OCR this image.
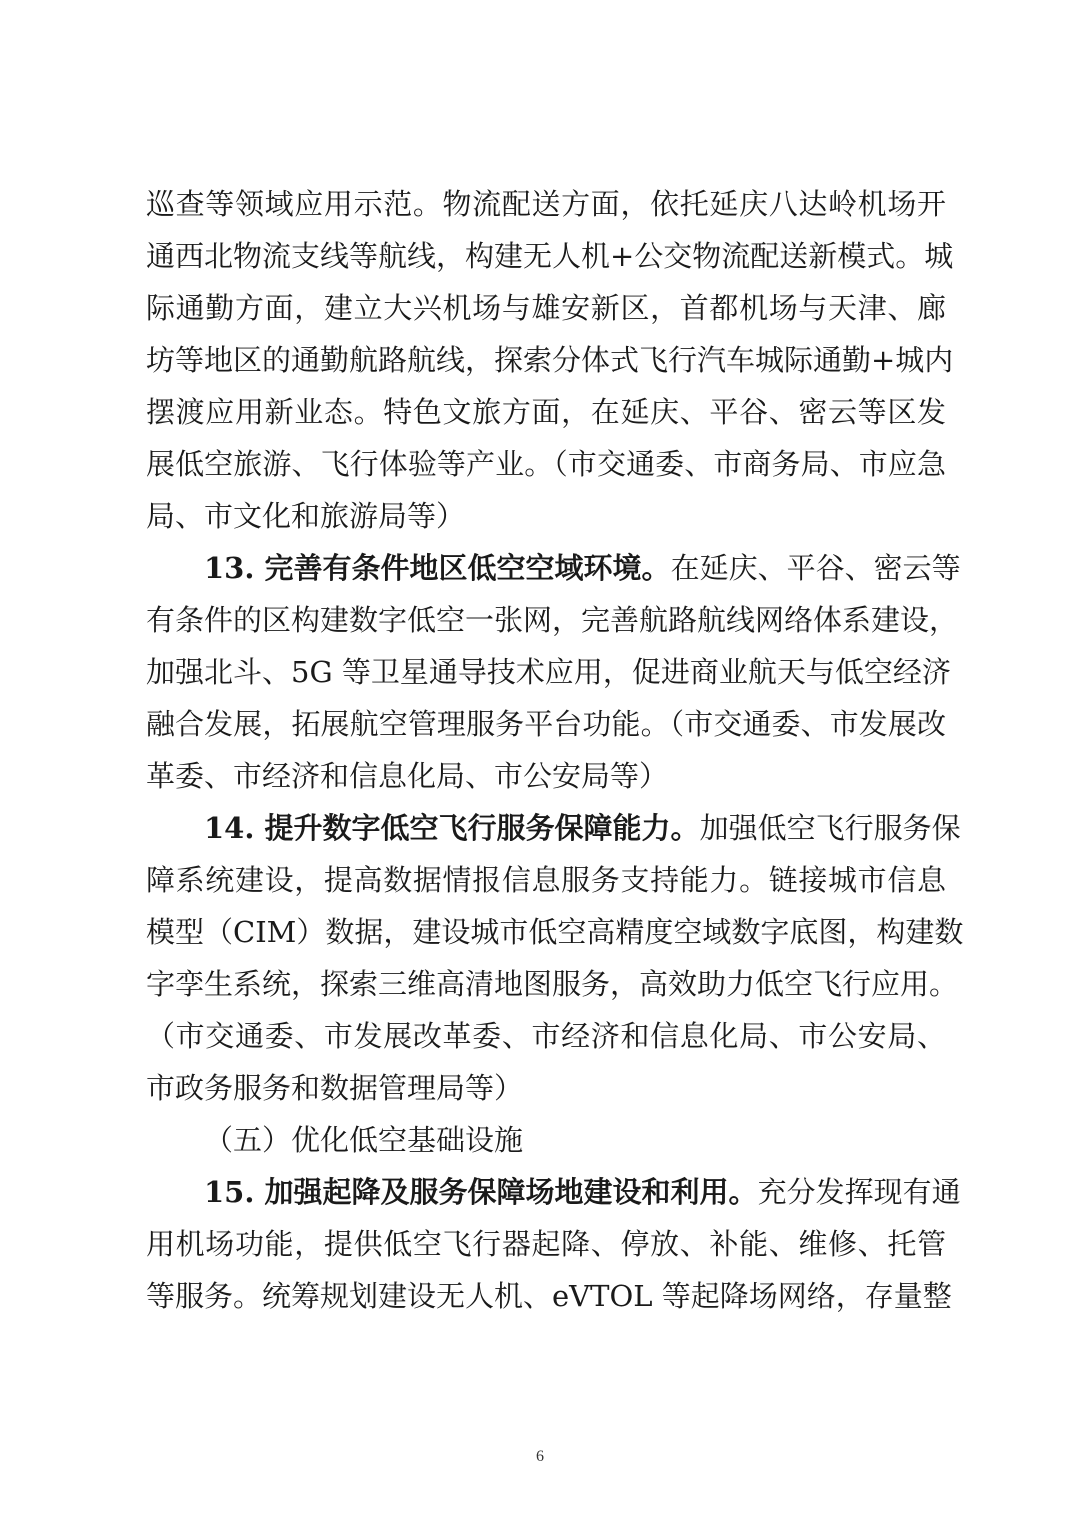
巡查等领域应用示范。物流配送方面，依托延庆八达岭机场开
通西北物流支线等航线，构建无人机+公交物流配送新模式。城
际通勤方面，建立大兴机场与雄安新区，首都机场与天津、廊
坊等地区的通勤航路航线，探索分体式飞行汽车城际通勤+城内
摆渡应用新业态。特色文旅方面，在延庆、平谷、密云等区发
展低空旅游、飞行体验等产业。（市交通委、市商务局、市应急
局、市文化和旅游局等）
13. 完善有条件地区低空空域环境。在延庆、平谷、密云等
有条件的区构建数字低空一张网，完善航路航线网络体系建设，
加强北斗、5G 等卫星通导技术应用，促进商业航天与低空经济
融合发展，拓展航空管理服务平台功能。（市交通委、市发展改
革委、市经济和信息化局、市公安局等）
14. 提升数字低空飞行服务保障能力。加强低空飞行服务保
障系统建设，提高数据情报信息服务支持能力。链接城市信息
模型（CIM）数据，建设城市低空高精度空域数字底图，构建数
字孪生系统，探索三维高清地图服务，高效助力低空飞行应用。
（市交通委、市发展改革委、市经济和信息化局、市公安局、
市政务服务和数据管理局等）
（五）优化低空基础设施
15. 加强起降及服务保障场地建设和利用。充分发挥现有通
用机场功能，提供低空飞行器起降、停放、补能、维修、托管
等服务。统筹规划建设无人机、eVTOL 等起降场网络，存量整
6
